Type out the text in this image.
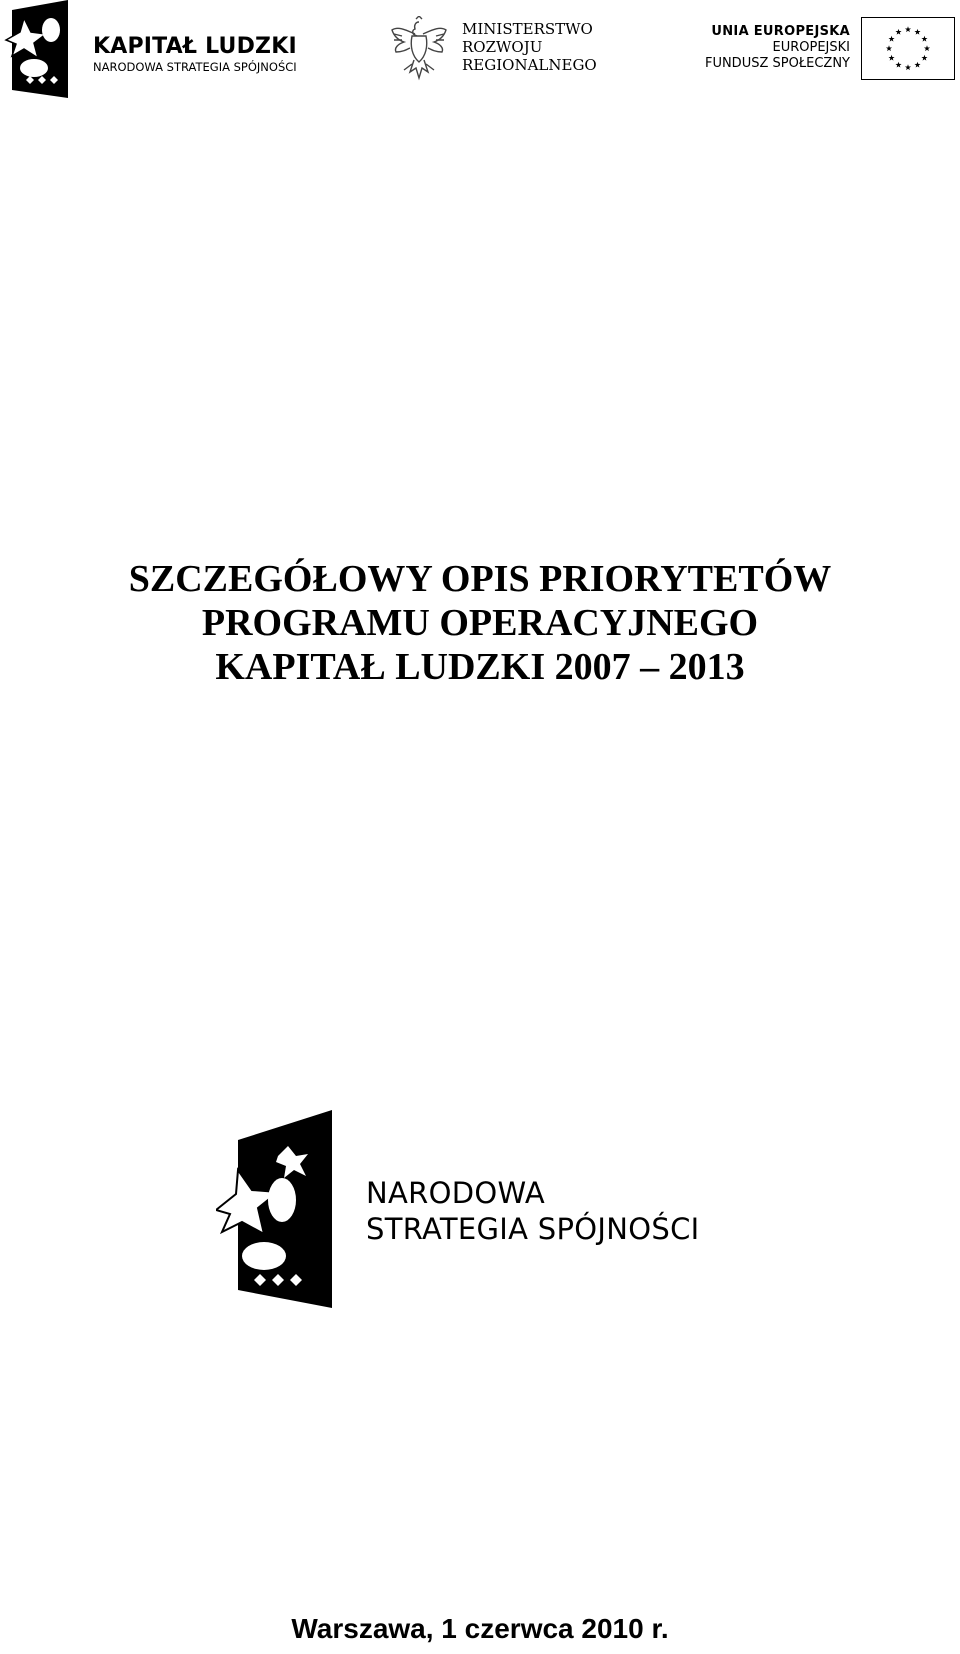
KAPITAŁ LUDZKI
NARODOWA STRATEGIA SPÓJNOŚCI
MINISTERSTWO
ROZWOJU
REGIONALNEGO
UNIA EUROPEJSKA
EUROPEJSKI
FUNDUSZ SPOŁECZNY
SZCZEGÓŁOWY OPIS PRIORYTETÓW
PROGRAMU OPERACYJNEGO
KAPITAŁ LUDZKI 2007 – 2013
NARODOWA
STRATEGIA SPÓJNOŚCI
Warszawa, 1 czerwca 2010 r.
